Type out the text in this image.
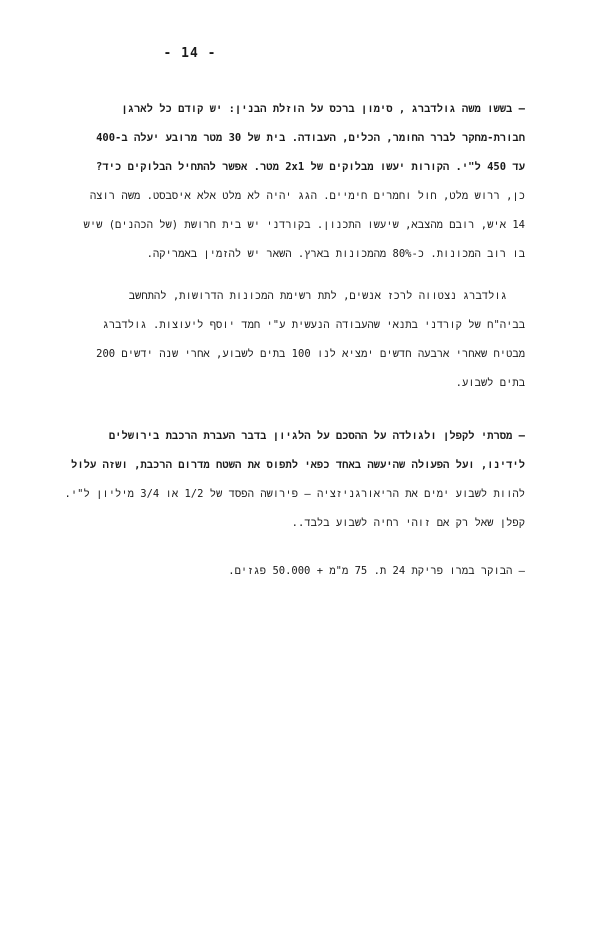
- 14 -
– בששו משה גולדברג , סימון ברכס על הוזלת הבנין: יש קודם כל לארגן
חבורת-מחקר לברר החומר, הכלים, העבודה. בית של 30 מטר מרובע יעלה ב-400
עד 450 ל"י. הקורות יעשו מבלוקים של 2x1 מטר. אפשר להתחיל הבלוקים כיד?
כן, ררוש מלט, חול וחמרים חימיים. הגג יהיה לא מלט אלא איסבסט. משה רוצה
14 איש, רובם מהצבא, שיעשו התכנון. בקורדני יש בית חרושת (של הכהנים) שיש
בו רוב המכונות. כ-80% מהמכונות בארץ. השאר יש להזמין באמריקה.
גולדברג נצטווה לרכז אנשים, לתת רשימת המכונות הדרושות, להתחשב
בביה"ח של קורדני בתנאי שהעבודה הנעשית ע"י חמד יוסף ליעוצות. גולדברג
מבטיח שאחרי ארבעה חדשים ימציא לנו 100 בתים לשבוע, אחרי שנה ידשים 200
בתים לשבוע.
– מסרתי לקפלן ולגולדה על ההסכם על הלגיון בדבר העברת הרכבת בירושלים
לידינו, ועל הפעולה שהיעשה באחד כפאי לתפוס את השטח מדרום הרכבת, ושזה עלול
להוות לשבוע ימים את הריאורגניזציה – פירושה הפסד של 1/2 או 3/4 מיליון ל"י.
קפלן שאל רק אם זוהי רחיה לשבוע בלבד..
– הבוקר במרו פריקת 24 ת. 75 מ"מ + 50.000 פגזים.
